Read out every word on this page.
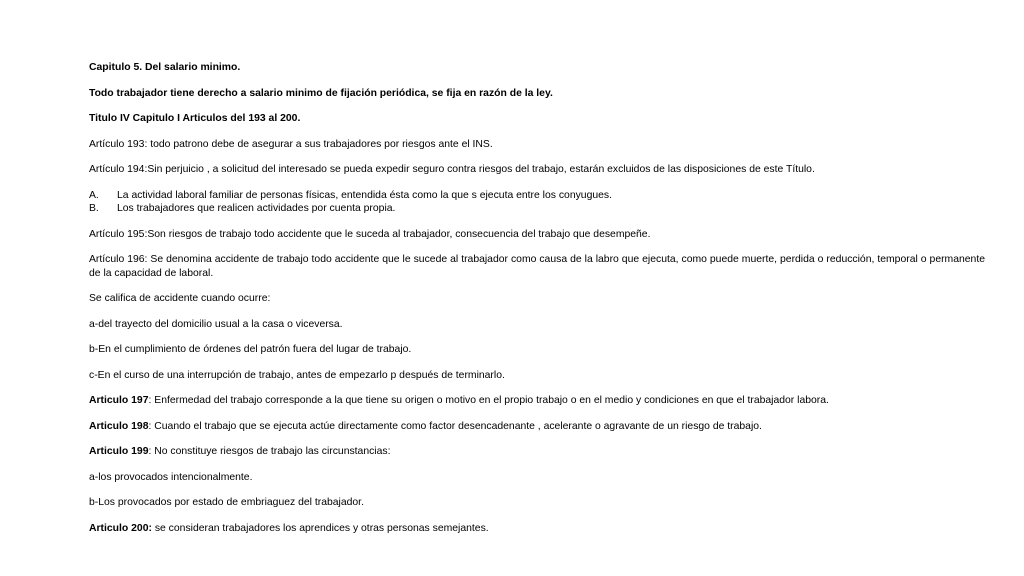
Capitulo 5. Del salario minimo.

Todo trabajador tiene derecho a salario minimo de fijación periódica, se fija en razón de la ley.

Titulo IV Capitulo I Articulos del 193 al 200.

Artículo 193: todo patrono debe de asegurar a sus trabajadores por riesgos ante el INS.

Artículo 194:Sin perjuicio , a solicitud del interesado se pueda expedir seguro contra riesgos del trabajo, estarán excluidos de las disposiciones de este Título.

A.	La actividad laboral familiar de personas físicas, entendida ésta como la que s ejecuta entre los conyugues.
B.	Los trabajadores que realicen actividades por cuenta propia.

Artículo 195:Son riesgos de trabajo todo accidente que le suceda al trabajador, consecuencia del trabajo que desempeñe.

Artículo 196: Se denomina accidente de trabajo todo accidente que le sucede al trabajador como causa de la labro que ejecuta, como puede muerte, perdida o reducción, temporal o permanente de la capacidad de laboral.

Se califica de accidente cuando ocurre:

a-del trayecto del domicilio usual a la casa o viceversa.

b-En el cumplimiento de órdenes del patrón fuera del lugar de trabajo.

c-En el curso de una interrupción de trabajo, antes de empezarlo p después de terminarlo.

Articulo 197: Enfermedad del trabajo corresponde a la que tiene su origen o motivo en el propio trabajo o en el medio y condiciones en que el trabajador labora.

Articulo 198: Cuando el trabajo que se ejecuta actúe directamente como factor desencadenante , acelerante o agravante de un riesgo de trabajo.

Articulo 199: No constituye riesgos de trabajo las circunstancias:

a-los provocados intencionalmente.

b-Los provocados por estado de embriaguez del trabajador.

Articulo 200: se consideran trabajadores los aprendices y otras personas semejantes.
